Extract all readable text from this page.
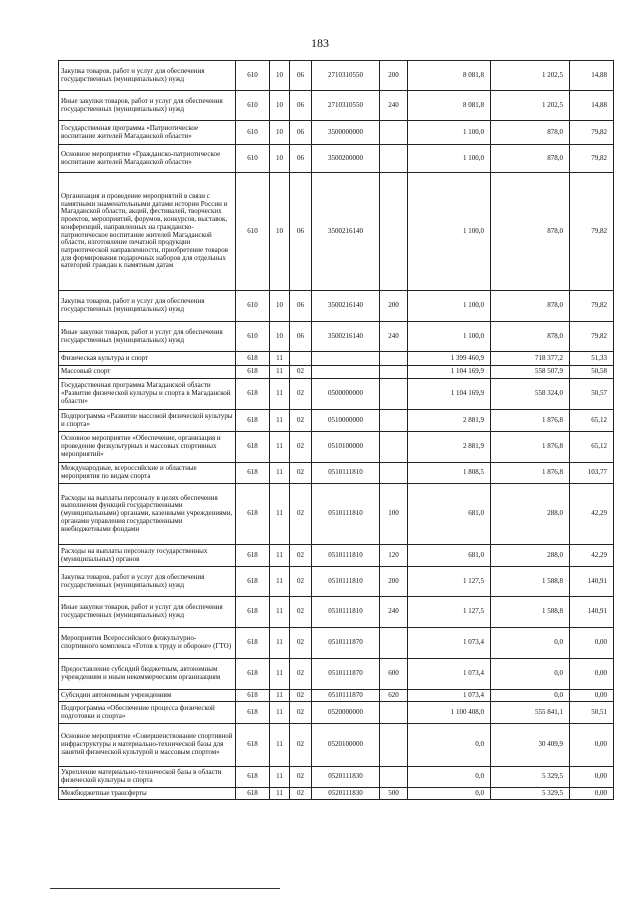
183
Закупка товаров, работ и услуг для обеспечения государственных (муниципальных) нужд	610	10	06	2710310550	200	8 081,8	1 202,5	14,88
Иные закупки товаров, работ и услуг для обеспечения государственных (муниципальных) нужд	610	10	06	2710310550	240	8 081,8	1 202,5	14,88
Государственная программа «Патриотическое воспитание жителей Магаданской области»	610	10	06	3500000000		1 100,0	878,0	79,82
Основное мероприятие «Гражданско-патриотическое воспитание жителей Магаданской области»	610	10	06	3500200000		1 100,0	878,0	79,82
Организация и проведение мероприятий в связи с памятными знаменательными датами истории России и Магаданской области, акций, фестивалей, творческих проектов, мероприятий, форумов, конкурсов, выставок, конференций, направленных на гражданско-патриотическое воспитание жителей Магаданской области, изготовление печатной продукции патриотической направленности, приобретение товаров для формирования подарочных наборов для отдельных категорий граждан к памятным датам	610	10	06	3500216140		1 100,0	878,0	79,82
Закупка товаров, работ и услуг для обеспечения государственных (муниципальных) нужд	610	10	06	3500216140	200	1 100,0	878,0	79,82
Иные закупки товаров, работ и услуг для обеспечения государственных (муниципальных) нужд	610	10	06	3500216140	240	1 100,0	878,0	79,82
Физическая культура и спорт	618	11				1 399 460,9	718 377,2	51,33
Массовый спорт	618	11	02			1 104 169,9	558 507,9	50,58
Государственная программа Магаданской области «Развитие физической культуры и спорта в Магаданской области»	618	11	02	0500000000		1 104 169,9	558 324,0	50,57
Подпрограмма «Развитие массовой физической культуры и спорта»	618	11	02	0510000000		2 881,9	1 876,8	65,12
Основное мероприятие «Обеспечение, организация и проведение физкультурных и массовых спортивных мероприятий»	618	11	02	0510100000		2 881,9	1 876,8	65,12
Международные, всероссийские и областные мероприятия по видам спорта	618	11	02	0510111810		1 808,5	1 876,8	103,77
Расходы на выплаты персоналу в целях обеспечения выполнения функций государственными (муниципальными) органами, казенными учреждениями, органами управления государственными внебюджетными фондами	618	11	02	0510111810	100	681,0	288,0	42,29
Расходы на выплаты персоналу государственных (муниципальных) органов	618	11	02	0510111810	120	681,0	288,0	42,29
Закупка товаров, работ и услуг для обеспечения государственных (муниципальных) нужд	618	11	02	0510111810	200	1 127,5	1 588,8	140,91
Иные закупки товаров, работ и услуг для обеспечения государственных (муниципальных) нужд	618	11	02	0510111810	240	1 127,5	1 588,8	140,91
Мероприятия Всероссийского физкультурно-спортивного комплекса «Готов к труду и обороне» (ГТО)	618	11	02	0510111870		1 073,4	0,0	0,00
Предоставление субсидий бюджетным, автономным учреждениям и иным некоммерческим организациям	618	11	02	0510111870	600	1 073,4	0,0	0,00
Субсидии автономным учреждениям	618	11	02	0510111870	620	1 073,4	0,0	0,00
Подпрограмма «Обеспечение процесса физической подготовки и спорта»	618	11	02	0520000000		1 100 408,0	555 841,1	50,51
Основное мероприятие «Совершенствование спортивной инфраструктуры и материально-технической базы для занятий физической культурой и массовым спортом»	618	11	02	0520100000		0,0	30 409,9	0,00
Укрепление материально-технической базы в области физической культуры и спорта	618	11	02	0520111830		0,0	5 329,5	0,00
Межбюджетные трансферты	618	11	02	0520111830	500	0,0	5 329,5	0,00
